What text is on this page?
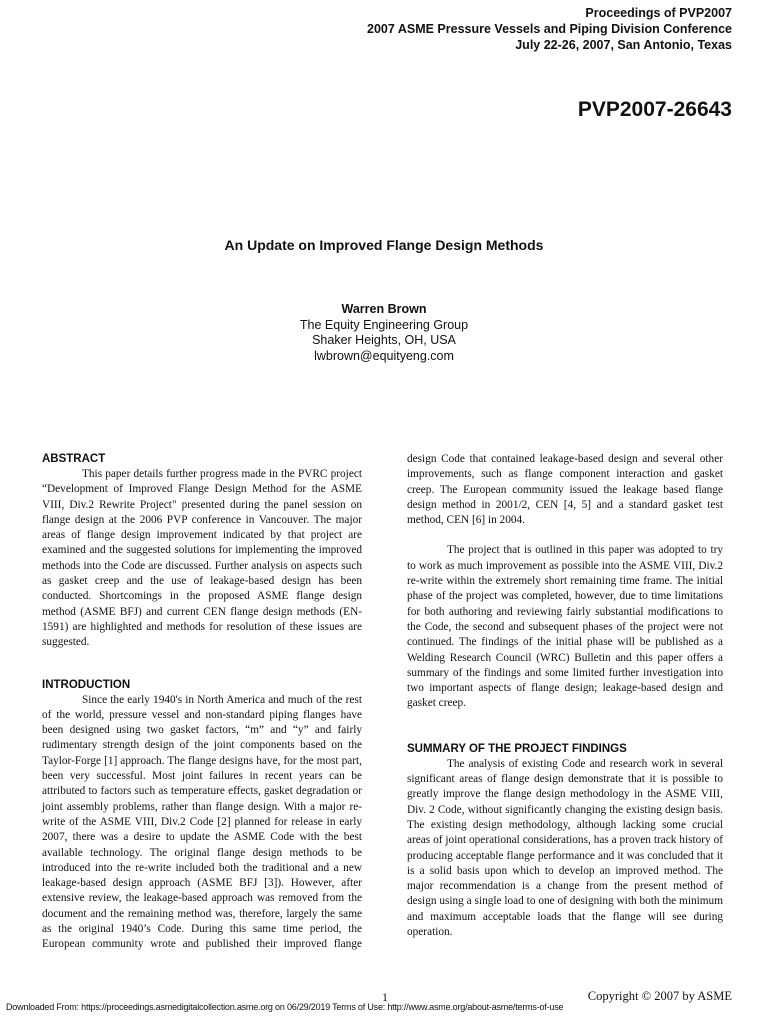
Proceedings of PVP2007
2007 ASME Pressure Vessels and Piping Division Conference
July 22-26, 2007, San Antonio, Texas
PVP2007-26643
An Update on Improved Flange Design Methods
Warren Brown
The Equity Engineering Group
Shaker Heights, OH, USA
lwbrown@equityeng.com
ABSTRACT

This paper details further progress made in the PVRC project “Development of Improved Flange Design Method for the ASME VIII, Div.2 Rewrite Project" presented during the panel session on flange design at the 2006 PVP conference in Vancouver. The major areas of flange design improvement indicated by that project are examined and the suggested solutions for implementing the improved methods into the Code are discussed. Further analysis on aspects such as gasket creep and the use of leakage-based design has been conducted. Shortcomings in the proposed ASME flange design method (ASME BFJ) and current CEN flange design methods (EN-1591) are highlighted and methods for resolution of these issues are suggested.

INTRODUCTION

Since the early 1940's in North America and much of the rest of the world, pressure vessel and non-standard piping flanges have been designed using two gasket factors, “m” and “y” and fairly rudimentary strength design of the joint components based on the Taylor-Forge [1] approach. The flange designs have, for the most part, been very successful. Most joint failures in recent years can be attributed to factors such as temperature effects, gasket degradation or joint assembly problems, rather than flange design. With a major re-write of the ASME VIII, Div.2 Code [2] planned for release in early 2007, there was a desire to update the ASME Code with the best available technology. The original flange design methods to be introduced into the re-write included both the traditional and a new leakage-based design approach (ASME BFJ [3]). However, after extensive review, the leakage-based approach was removed from the document and the remaining method was, therefore, largely the same as the original 1940’s Code. During this same time period, the European community wrote and published their improved flange

design Code that contained leakage-based design and several other improvements, such as flange component interaction and gasket creep. The European community issued the leakage based flange design method in 2001/2, CEN [4, 5] and a standard gasket test method, CEN [6] in 2004.

The project that is outlined in this paper was adopted to try to work as much improvement as possible into the ASME VIII, Div.2 re-write within the extremely short remaining time frame. The initial phase of the project was completed, however, due to time limitations for both authoring and reviewing fairly substantial modifications to the Code, the second and subsequent phases of the project were not continued. The findings of the initial phase will be published as a Welding Research Council (WRC) Bulletin and this paper offers a summary of the findings and some limited further investigation into two important aspects of flange design; leakage-based design and gasket creep.

SUMMARY OF THE PROJECT FINDINGS

The analysis of existing Code and research work in several significant areas of flange design demonstrate that it is possible to greatly improve the flange design methodology in the ASME VIII, Div. 2 Code, without significantly changing the existing design basis. The existing design methodology, although lacking some crucial areas of joint operational considerations, has a proven track history of producing acceptable flange performance and it was concluded that it is a solid basis upon which to develop an improved method. The major recommendation is a change from the present method of design using a single load to one of designing with both the minimum and maximum acceptable loads that the flange will see during operation.

1	Copyright © 2007 by ASME
Downloaded From: https://proceedings.asmedigitalcollection.asme.org on 06/29/2019 Terms of Use: http://www.asme.org/about-asme/terms-of-use
